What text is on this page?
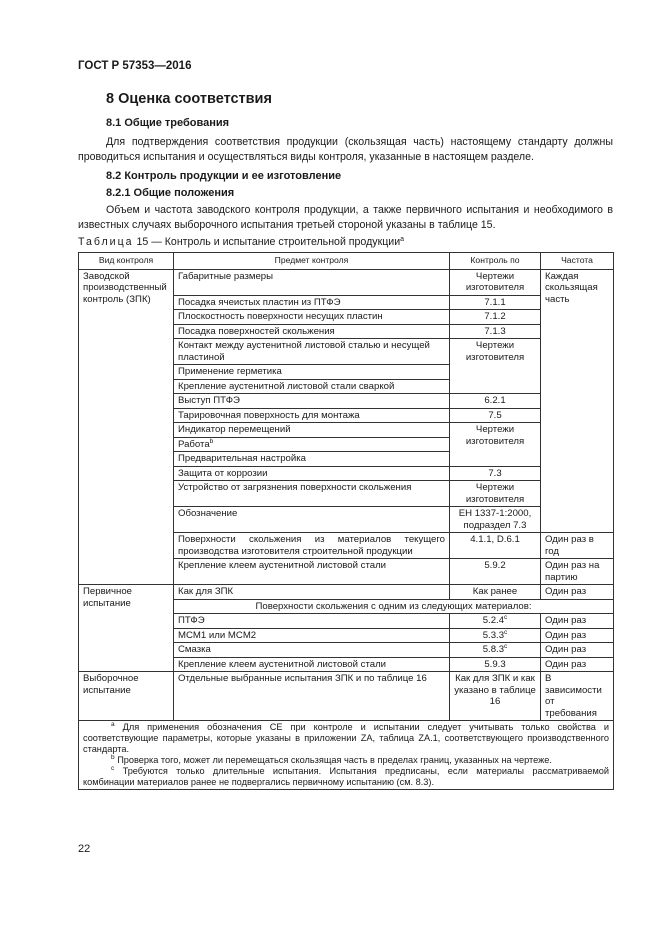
ГОСТ Р 57353—2016
8 Оценка соответствия
8.1 Общие требования
Для подтверждения соответствия продукции (скользящая часть) настоящему стандарту должны проводиться испытания и осуществляться виды контроля, указанные в настоящем разделе.
8.2 Контроль продукции и ее изготовление
8.2.1 Общие положения
Объем и частота заводского контроля продукции, а также первичного испытания и необходимого в известных случаях выборочного испытания третьей стороной указаны в таблице 15.
Таблица 15 — Контроль и испытание строительной продукции$^a$
Вид контроля	Предмет контроля	Контроль по	Частота
Заводской производственный контроль (ЗПК)	Габаритные размеры	Чертежи изготовителя	Каждая скользящая часть
	Посадка ячеистых пластин из ПТФЭ	7.1.1	
	Плоскостность поверхности несущих пластин	7.1.2	
	Посадка поверхностей скольжения	7.1.3	
	Контакт между аустенитной листовой сталью и несущей пластиной	Чертежи изготовителя	
	Применение герметика		
	Крепление аустенитной листовой стали сваркой		
	Выступ ПТФЭ	6.2.1	
	Тарировочная поверхность для монтажа	7.5	
	Индикатор перемещений	Чертежи изготовителя	
	Работа$^b$
	Предварительная настройка		
	Защита от коррозии	7.3	
	Устройство от загрязнения поверхности скольжения	Чертежи изготовителя	
	Обозначение	ЕН 1337-1:2000, подраздел 7.3	
	Поверхности скольжения из материалов текущего производства изготовителя строительной продукции	4.1.1, D.6.1	Один раз в год
	Крепление клеем аустенитной листовой стали	5.9.2	Один раз на партию
Первичное испытание	Как для ЗПК	Как ранее	Один раз
	Поверхности скольжения с одним из следующих материалов:		
	ПТФЭ	5.2.4$^c$	Один раз
	MCM1 или MCM2	5.3.3$^c$	Один раз
	Смазка	5.8.3$^c$	Один раз
	Крепление клеем аустенитной листовой стали	5.9.3	Один раз
Выборочное испытание	Отдельные выбранные испытания ЗПК и по таблице 16	Как для ЗПК и как указано в таблице 16	В зависимости от требования

$^a$ Для применения обозначения CE при контроле и испытании следует учитывать только свойства и соответствующие параметры, которые указаны в приложении ZA, таблица ZA.1, соответствующего производственного стандарта.
$^b$ Проверка того, может ли перемещаться скользящая часть в пределах границ, указанных на чертеже.
$^c$ Требуются только длительные испытания. Испытания предписаны, если материалы рассматриваемой комбинации материалов ранее не подвергались первичному испытанию (см. 8.3).			
22
